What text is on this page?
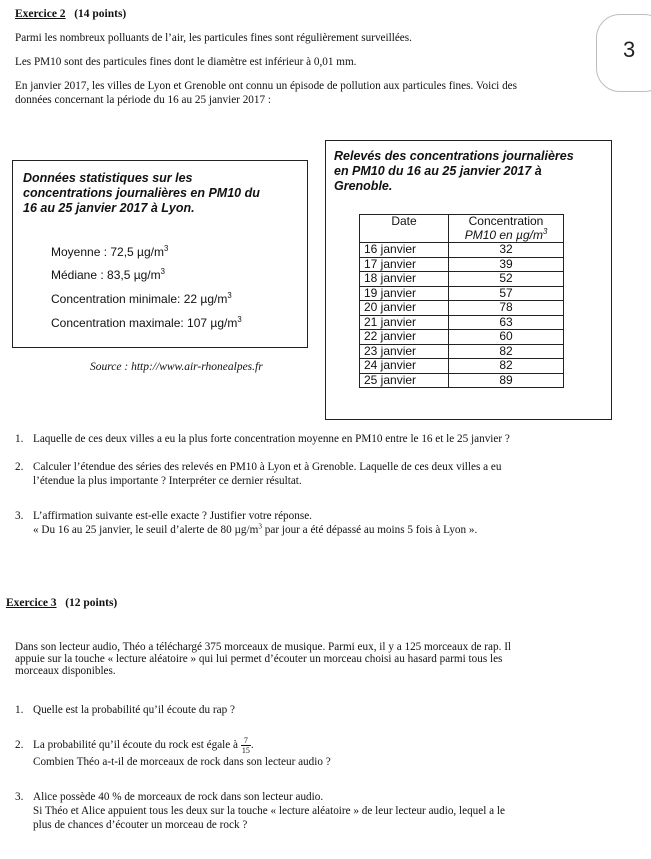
Exercice 2 (14 points)

Parmi les nombreux polluants de l’air, les particules fines sont régulièrement surveillées.

Les PM10 sont des particules fines dont le diamètre est inférieur à 0,01 mm.

En janvier 2017, les villes de Lyon et Grenoble ont connu un épisode de pollution aux particules fines. Voici des

données concernant la période du 16 au 25 janvier 2017 :

3
Données statistiques sur les
concentrations journalières en PM10 du
16 au 25 janvier 2017 à Lyon.
Moyenne : 72,5 $\mu g/m^3$
Médiane : 83,5 $\mu g/m^3$
Concentration minimale: 22 $\mu g/m^3$
Concentration maximale: 107 $\mu g/m^3$
Source : http://www.air-rhonealpes.fr
Relevés des concentrations journalières
en PM10 du 16 au 25 janvier 2017 à
Grenoble.
Date	Concentration
PM10 en $\mu g/m^3$

16 janvier	32
17 janvier	39
18 janvier	52
19 janvier	57
20 janvier	78
21 janvier	63
22 janvier	60
23 janvier	82
24 janvier	82
25 janvier	89
1. Laquelle de ces deux villes a eu la plus forte concentration moyenne en PM10 entre le 16 et le 25 janvier ?
2. Calculer l’étendue des séries des relevés en PM10 à Lyon et à Grenoble. Laquelle de ces deux villes a eu
l’étendue la plus importante ? Interpréter ce dernier résultat.
3. L’affirmation suivante est-elle exacte ? Justifier votre réponse.
« Du 16 au 25 janvier, le seuil d’alerte de 80 $\mu g/m^3$ par jour a été dépassé au moins 5 fois à Lyon ».
Exercice 3 (12 points)

Dans son lecteur audio, Théo a téléchargé 375 morceaux de musique. Parmi eux, il y a 125 morceaux de rap. Il

appuie sur la touche « lecture aléatoire » qui lui permet d’écouter un morceau choisi au hasard parmi tous les

morceaux disponibles.

1. Quelle est la probabilité qu’il écoute du rap ?
2. La probabilité qu’il écoute du rock est égale à $\frac{7}{15}$ .
Combien Théo a-t-il de morceaux de rock dans son lecteur audio ?
3. Alice possède 40 % de morceaux de rock dans son lecteur audio.
Si Théo et Alice appuient tous les deux sur la touche « lecture aléatoire » de leur lecteur audio, lequel a le
plus de chances d’écouter un morceau de rock ?
